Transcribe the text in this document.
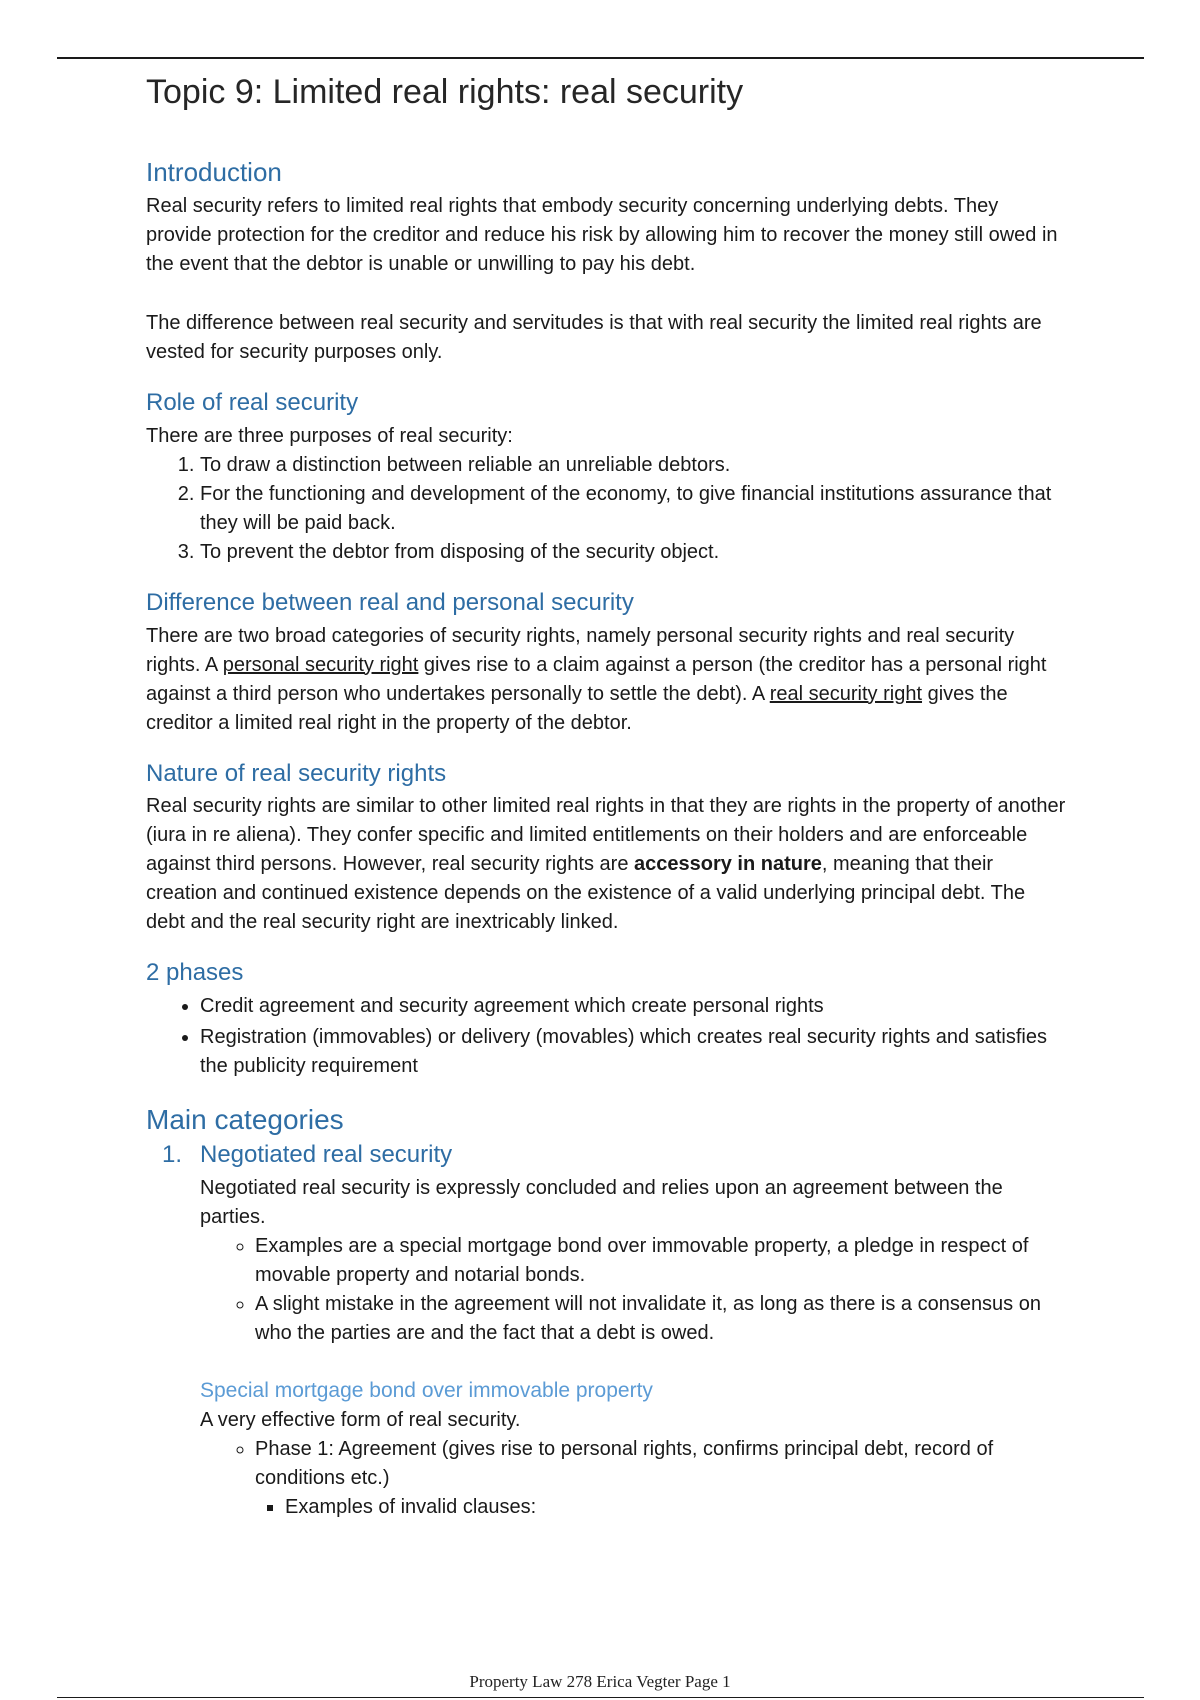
Topic 9: Limited real rights: real security
Introduction

Real security refers to limited real rights that embody security concerning underlying debts. They provide protection for the creditor and reduce his risk by allowing him to recover the money still owed in the event that the debtor is unable or unwilling to pay his debt.

The difference between real security and servitudes is that with real security the limited real rights are vested for security purposes only.

Role of real security

There are three purposes of real security:

1. To draw a distinction between reliable an unreliable debtors.
2. For the functioning and development of the economy, to give financial institutions assurance that they will be paid back.
3. To prevent the debtor from disposing of the security object.
Difference between real and personal security

There are two broad categories of security rights, namely personal security rights and real security rights. A personal security right gives rise to a claim against a person (the creditor has a personal right against a third person who undertakes personally to settle the debt). A real security right gives the creditor a limited real right in the property of the debtor.

Nature of real security rights

Real security rights are similar to other limited real rights in that they are rights in the property of another (iura in re aliena). They confer specific and limited entitlements on their holders and are enforceable against third persons. However, real security rights are accessory in nature, meaning that their creation and continued existence depends on the existence of a valid underlying principal debt. The debt and the real security right are inextricably linked.

2 phases
• Credit agreement and security agreement which create personal rights
• Registration (immovables) or delivery (movables) which creates real security rights and satisfies the publicity requirement
Main categories
1. Negotiated real security

Negotiated real security is expressly concluded and relies upon an agreement between the parties.

◦ Examples are a special mortgage bond over immovable property, a pledge in respect of movable property and notarial bonds.
◦ A slight mistake in the agreement will not invalidate it, as long as there is a consensus on who the parties are and the fact that a debt is owed.
Special mortgage bond over immovable property

A very effective form of real security.

◦ Phase 1: Agreement (gives rise to personal rights, confirms principal debt, record of conditions etc.)
▪ Examples of invalid clauses:
Property Law 278 Erica Vegter Page 1
